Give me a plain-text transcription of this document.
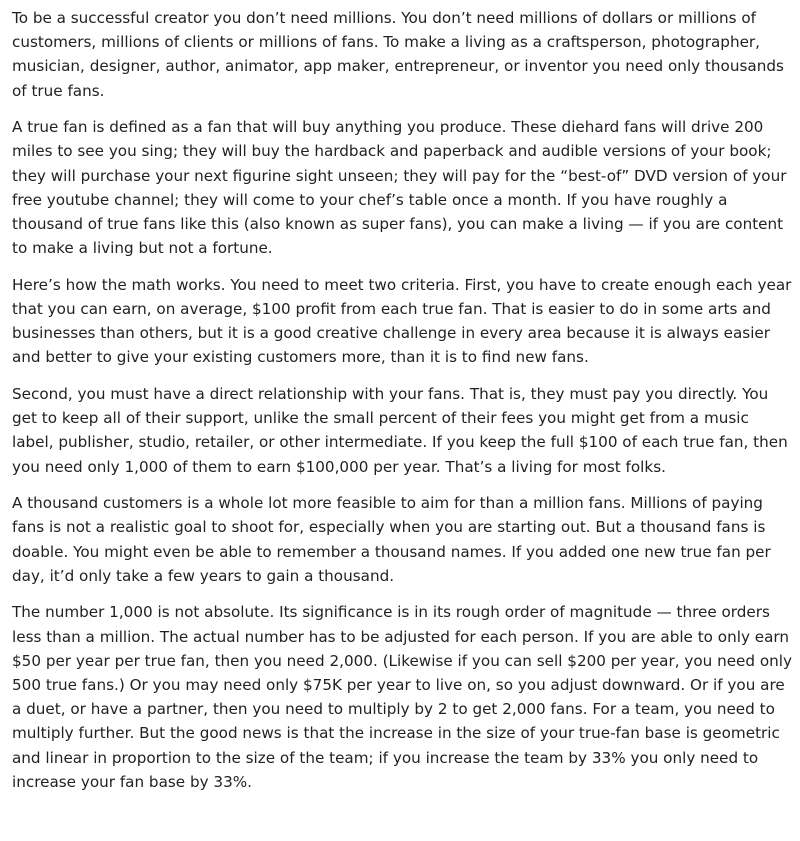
To be a successful creator you don’t need millions. You don’t need millions of dollars or millions of customers, millions of clients or millions of fans. To make a living as a craftsperson, photographer, musician, designer, author, animator, app maker, entrepreneur, or inventor you need only thousands of true fans.

A true fan is defined as a fan that will buy anything you produce. These diehard fans will drive 200 miles to see you sing; they will buy the hardback and paperback and audible versions of your book; they will purchase your next figurine sight unseen; they will pay for the “best-of” DVD version of your free youtube channel; they will come to your chef’s table once a month. If you have roughly a thousand of true fans like this (also known as super fans), you can make a living — if you are content to make a living but not a fortune.

Here’s how the math works. You need to meet two criteria. First, you have to create enough each year that you can earn, on average, $100 profit from each true fan. That is easier to do in some arts and businesses than others, but it is a good creative challenge in every area because it is always easier and better to give your existing customers more, than it is to find new fans.

Second, you must have a direct relationship with your fans. That is, they must pay you directly. You get to keep all of their support, unlike the small percent of their fees you might get from a music label, publisher, studio, retailer, or other intermediate. If you keep the full $100 of each true fan, then you need only 1,000 of them to earn $100,000 per year. That’s a living for most folks.

A thousand customers is a whole lot more feasible to aim for than a million fans. Millions of paying fans is not a realistic goal to shoot for, especially when you are starting out. But a thousand fans is doable. You might even be able to remember a thousand names. If you added one new true fan per day, it’d only take a few years to gain a thousand.

The number 1,000 is not absolute. Its significance is in its rough order of magnitude — three orders less than a million. The actual number has to be adjusted for each person. If you are able to only earn $50 per year per true fan, then you need 2,000. (Likewise if you can sell $200 per year, you need only 500 true fans.) Or you may need only $75K per year to live on, so you adjust downward. Or if you are a duet, or have a partner, then you need to multiply by 2 to get 2,000 fans. For a team, you need to multiply further. But the good news is that the increase in the size of your true-fan base is geometric and linear in proportion to the size of the team; if you increase the team by 33% you only need to increase your fan base by 33%.
